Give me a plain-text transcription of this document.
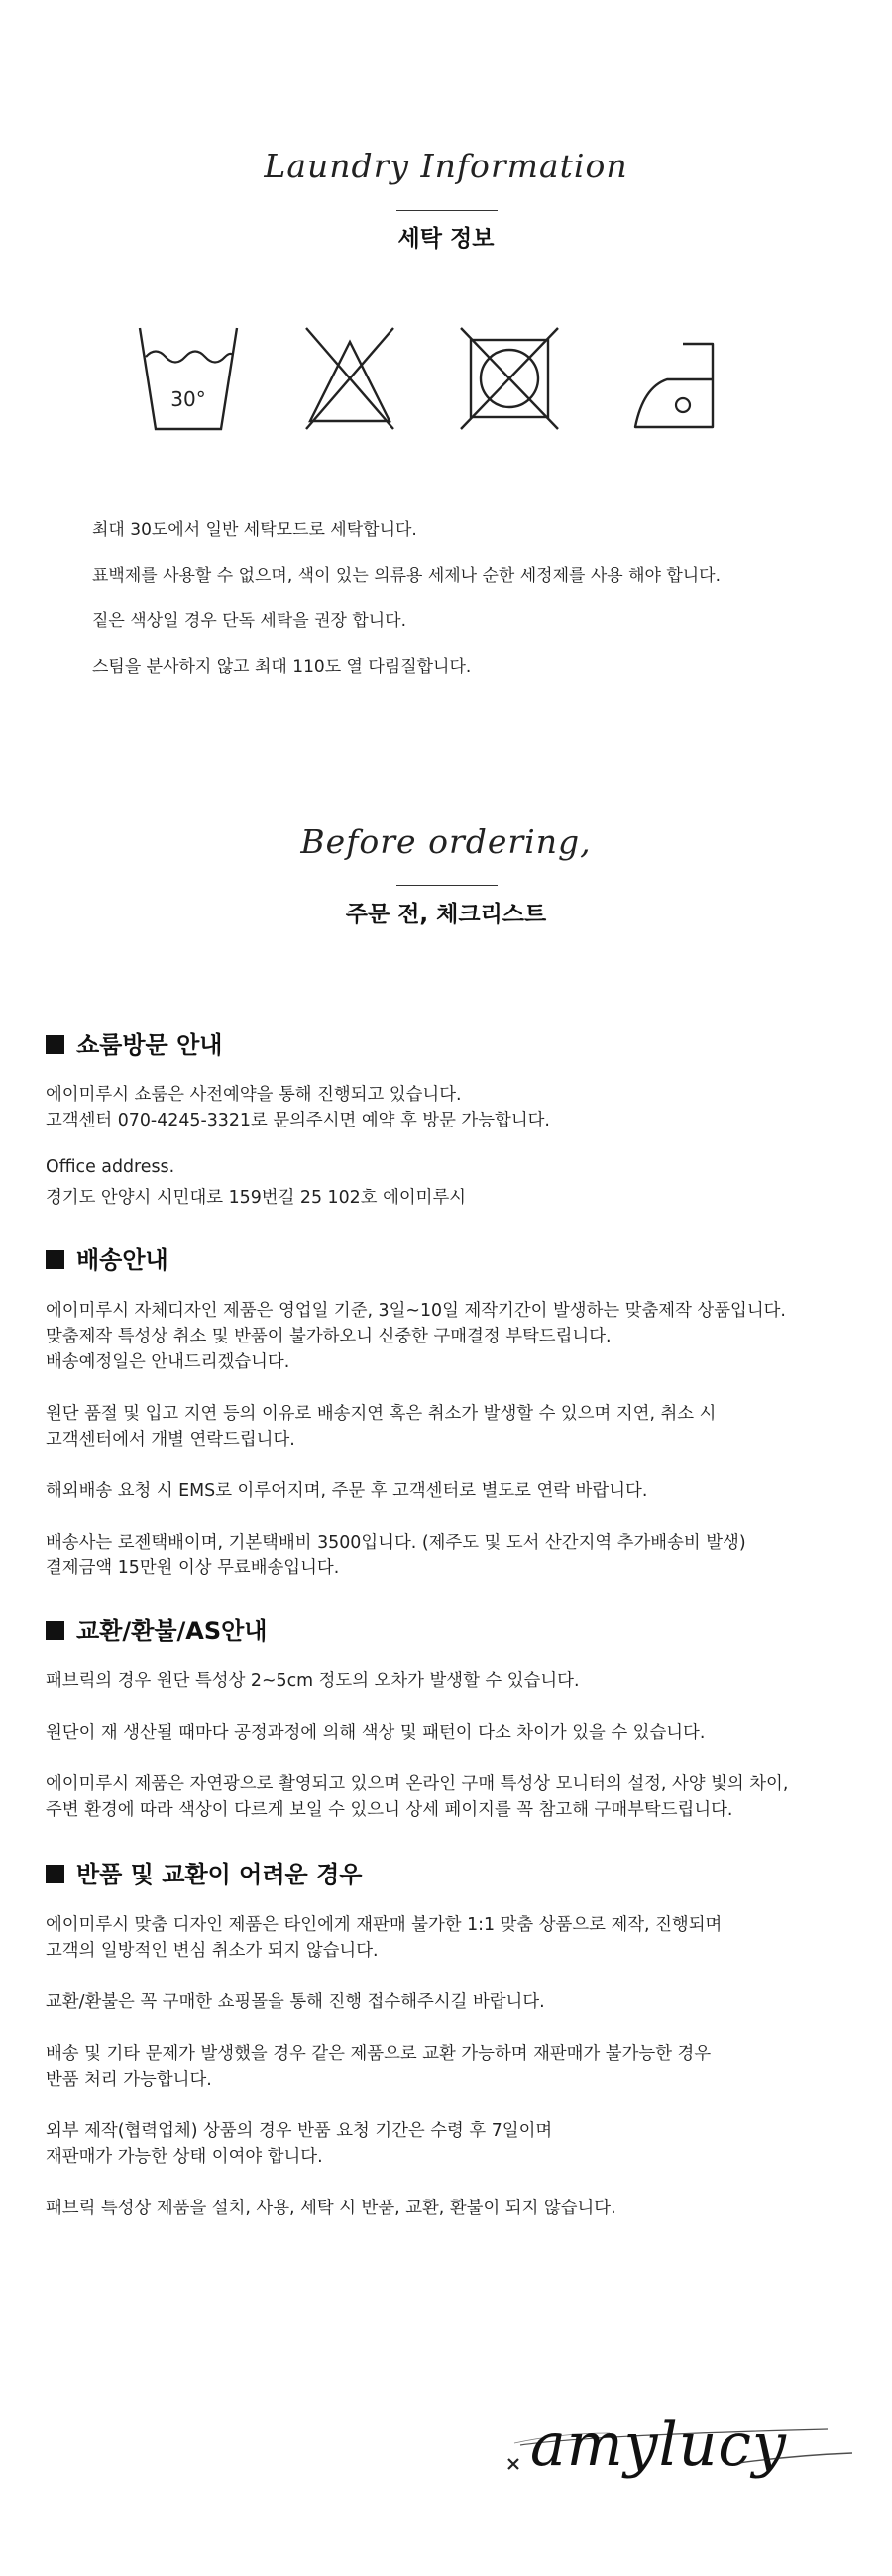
Laundry Information
세탁 정보
30°
최대 30도에서 일반 세탁모드로 세탁합니다.
표백제를 사용할 수 없으며, 색이 있는 의류용 세제나 순한 세정제를 사용 해야 합니다.
짙은 색상일 경우 단독 세탁을 권장 합니다.
스팀을 분사하지 않고 최대 110도 열 다림질합니다.
Before ordering,
주문 전, 체크리스트
쇼룸방문 안내
에이미루시 쇼룸은 사전예약을 통해 진행되고 있습니다.
고객센터 070-4245-3321로 문의주시면 예약 후 방문 가능합니다.
Office address.
경기도 안양시 시민대로 159번길 25 102호 에이미루시
배송안내
에이미루시 자체디자인 제품은 영업일 기준, 3일~10일 제작기간이 발생하는 맞춤제작 상품입니다.
맞춤제작 특성상 취소 및 반품이 불가하오니 신중한 구매결정 부탁드립니다.
배송예정일은 안내드리겠습니다.
원단 품절 및 입고 지연 등의 이유로 배송지연 혹은 취소가 발생할 수 있으며 지연, 취소 시
고객센터에서 개별 연락드립니다.
해외배송 요청 시 EMS로 이루어지며, 주문 후 고객센터로 별도로 연락 바랍니다.
배송사는 로젠택배이며, 기본택배비 3500입니다. (제주도 및 도서 산간지역 추가배송비 발생)
결제금액 15만원 이상 무료배송입니다.
교환/환불/AS안내
패브릭의 경우 원단 특성상 2~5cm 정도의 오차가 발생할 수 있습니다.
원단이 재 생산될 때마다 공정과정에 의해 색상 및 패턴이 다소 차이가 있을 수 있습니다.
에이미루시 제품은 자연광으로 촬영되고 있으며 온라인 구매 특성상 모니터의 설정, 사양 빛의 차이,
주변 환경에 따라 색상이 다르게 보일 수 있으니 상세 페이지를 꼭 참고해 구매부탁드립니다.
반품 및 교환이 어려운 경우
에이미루시 맞춤 디자인 제품은 타인에게 재판매 불가한 1:1 맞춤 상품으로 제작, 진행되며
고객의 일방적인 변심 취소가 되지 않습니다.
교환/환불은 꼭 구매한 쇼핑몰을 통해 진행 접수해주시길 바랍니다.
배송 및 기타 문제가 발생했을 경우 같은 제품으로 교환 가능하며 재판매가 불가능한 경우
반품 처리 가능합니다.
외부 제작(협력업체) 상품의 경우 반품 요청 기간은 수령 후 7일이며
재판매가 가능한 상태 이여야 합니다.
패브릭 특성상 제품을 설치, 사용, 세탁 시 반품, 교환, 환불이 되지 않습니다.
amylucy
